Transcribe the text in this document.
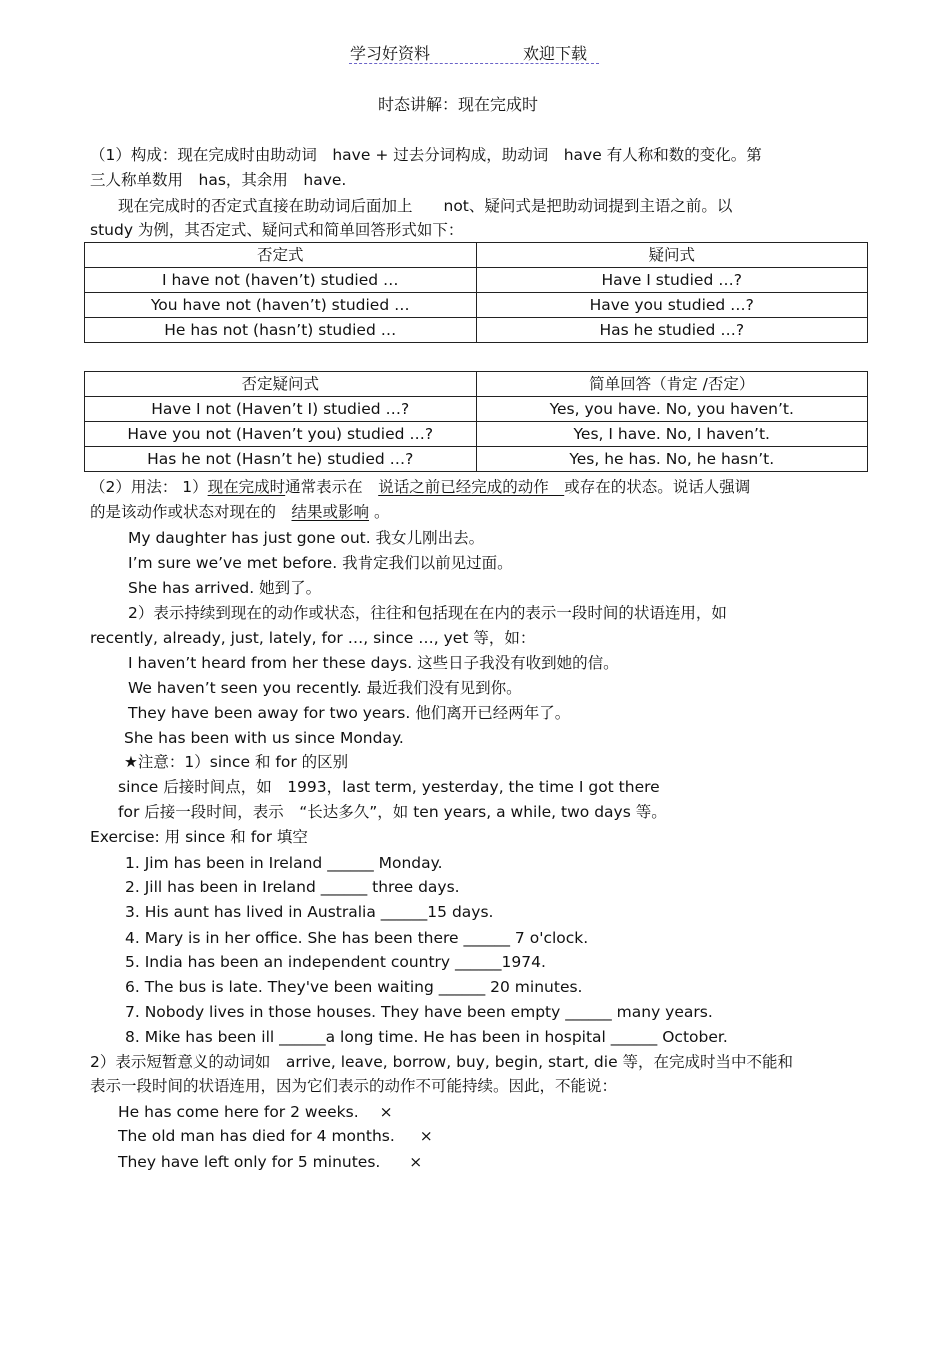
学习好资料	欢迎下载
时态讲解：现在完成时
（1）构成：现在完成时由助动词　have + 过去分词构成，助动词　have 有人称和数的变化。第
三人称单数用　has，其余用　have.
现在完成时的否定式直接在助动词后面加上　　not、疑问式是把助动词提到主语之前。以
study 为例，其否定式、疑问式和简单回答形式如下：
否定式	疑问式
I have not (haven’t) studied …	Have I studied …?
You have not (haven’t) studied …	Have you studied …?
He has not (hasn’t) studied …	Has he studied …?
否定疑问式	简单回答（肯定 /否定）
Have I not (Haven’t I) studied …?	Yes, you have. No, you haven’t.
Have you not (Haven’t you) studied …?	Yes, I have. No, I haven’t.
Has he not (Hasn’t he) studied …?	Yes, he has. No, he hasn’t.
（2）用法： 1）现在完成时通常表示在　说话之前已经完成的动作　或存在的状态。说话人强调
的是该动作或状态对现在的　结果或影响 。
My daughter has just gone out. 我女儿刚出去。
I’m sure we’ve met before. 我肯定我们以前见过面。
She has arrived. 她到了。
2）表示持续到现在的动作或状态，往往和包括现在在内的表示一段时间的状语连用，如
recently, already, just, lately, for …, since …, yet 等，如：
I haven’t heard from her these days. 这些日子我没有收到她的信。
We haven’t seen you recently. 最近我们没有见到你。
They have been away for two years. 他们离开已经两年了。
She has been with us since Monday.
★注意：1）since 和 for 的区别
since 后接时间点，如　1993，last term, yesterday, the time I got there
for 后接一段时间，表示　“长达多久”，如 ten years, a while, two days 等。
Exercise: 用 since 和 for 填空
1. Jim has been in Ireland ______ Monday.
2. Jill has been in Ireland ______ three days.
3. His aunt has lived in Australia ______15 days.
4. Mary is in her office. She has been there ______ 7 o'clock.
5. India has been an independent country ______1974.
6. The bus is late. They've been waiting ______ 20 minutes.
7. Nobody lives in those houses. They have been empty ______ many years.
8. Mike has been ill ______a long time. He has been in hospital ______ October.
2）表示短暂意义的动词如　arrive, leave, borrow, buy, begin, start, die 等，在完成时当中不能和
表示一段时间的状语连用，因为它们表示的动作不可能持续。因此，不能说：
He has come here for 2 weeks. ×
The old man has died for 4 months. ×
They have left only for 5 minutes. ×
